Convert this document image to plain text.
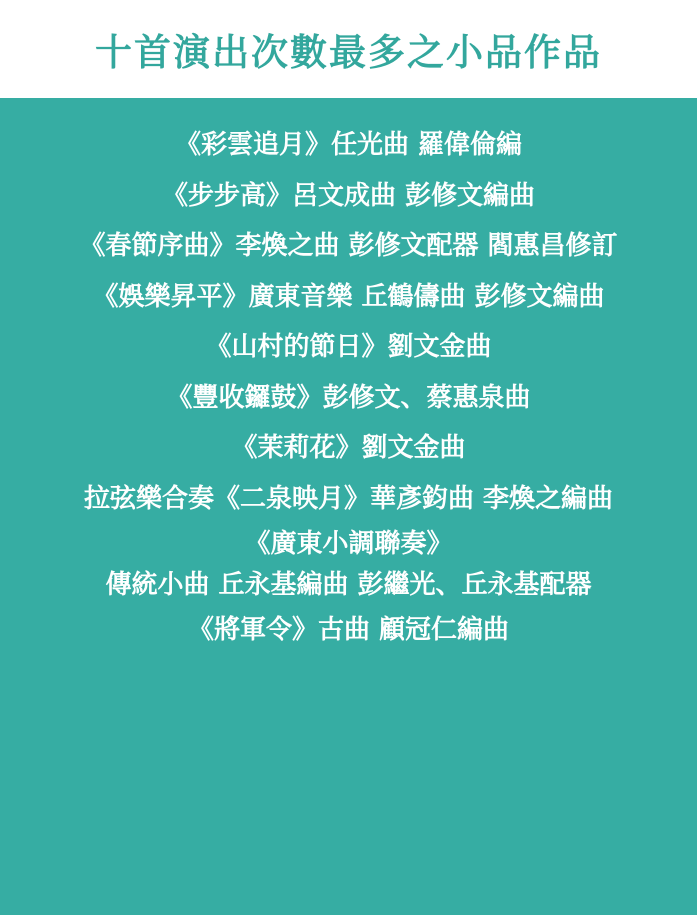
十首演出次數最多之小品作品
《彩雲追月》任光曲 羅偉倫編
《步步高》呂文成曲 彭修文編曲
《春節序曲》李煥之曲 彭修文配器 閻惠昌修訂
《娛樂昇平》廣東音樂 丘鶴儔曲 彭修文編曲
《山村的節日》劉文金曲
《豐收鑼鼓》彭修文、蔡惠泉曲
《茉莉花》劉文金曲
拉弦樂合奏《二泉映月》華彥鈞曲 李煥之編曲
《廣東小調聯奏》
傳統小曲 丘永基編曲 彭繼光、丘永基配器
《將軍令》古曲 顧冠仁編曲
